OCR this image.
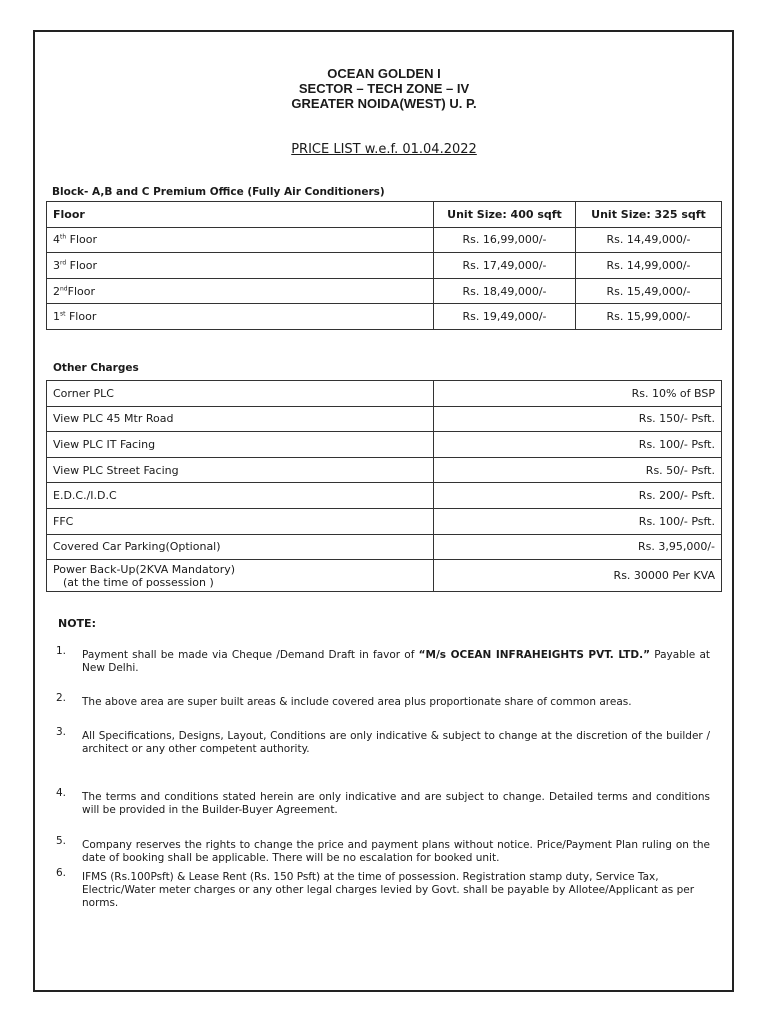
OCEAN GOLDEN I
SECTOR – TECH ZONE – IV
GREATER NOIDA(WEST) U. P.
PRICE LIST w.e.f. 01.04.2022
Block- A,B and C Premium Office (Fully Air Conditioners)
Floor	Unit Size: 400 sqft	Unit Size: 325 sqft
4th Floor	Rs. 16,99,000/-	Rs. 14,49,000/-
3rd Floor	Rs. 17,49,000/-	Rs. 14,99,000/-
2ndFloor	Rs. 18,49,000/-	Rs. 15,49,000/-
1st Floor	Rs. 19,49,000/-	Rs. 15,99,000/-
Other Charges
Corner PLC	Rs. 10% of BSP
View PLC 45 Mtr Road	Rs. 150/- Psft.
View PLC IT Facing	Rs. 100/- Psft.
View PLC Street Facing	Rs. 50/- Psft.
E.D.C./I.D.C	Rs. 200/- Psft.
FFC	Rs. 100/- Psft.
Covered Car Parking(Optional)	Rs. 3,95,000/-

Power Back-Up(2KVA Mandatory)
(at the time of possession )	Rs. 30000 Per KVA
NOTE:
1. Payment shall be made via Cheque /Demand Draft in favor of “M/s OCEAN INFRAHEIGHTS PVT. LTD.” Payable at New Delhi.
2. The above area are super built areas & include covered area plus proportionate share of common areas.
3. All Specifications, Designs, Layout, Conditions are only indicative & subject to change at the discretion of the builder / architect or any other competent authority.
4. The terms and conditions stated herein are only indicative and are subject to change. Detailed terms and conditions will be provided in the Builder-Buyer Agreement.
5. Company reserves the rights to change the price and payment plans without notice. Price/Payment Plan ruling on the date of booking shall be applicable. There will be no escalation for booked unit.
6. IFMS (Rs.100Psft) & Lease Rent (Rs. 150 Psft) at the time of possession. Registration stamp duty, Service Tax, Electric/Water meter charges or any other legal charges levied by Govt. shall be payable by Allotee/Applicant as per norms.
